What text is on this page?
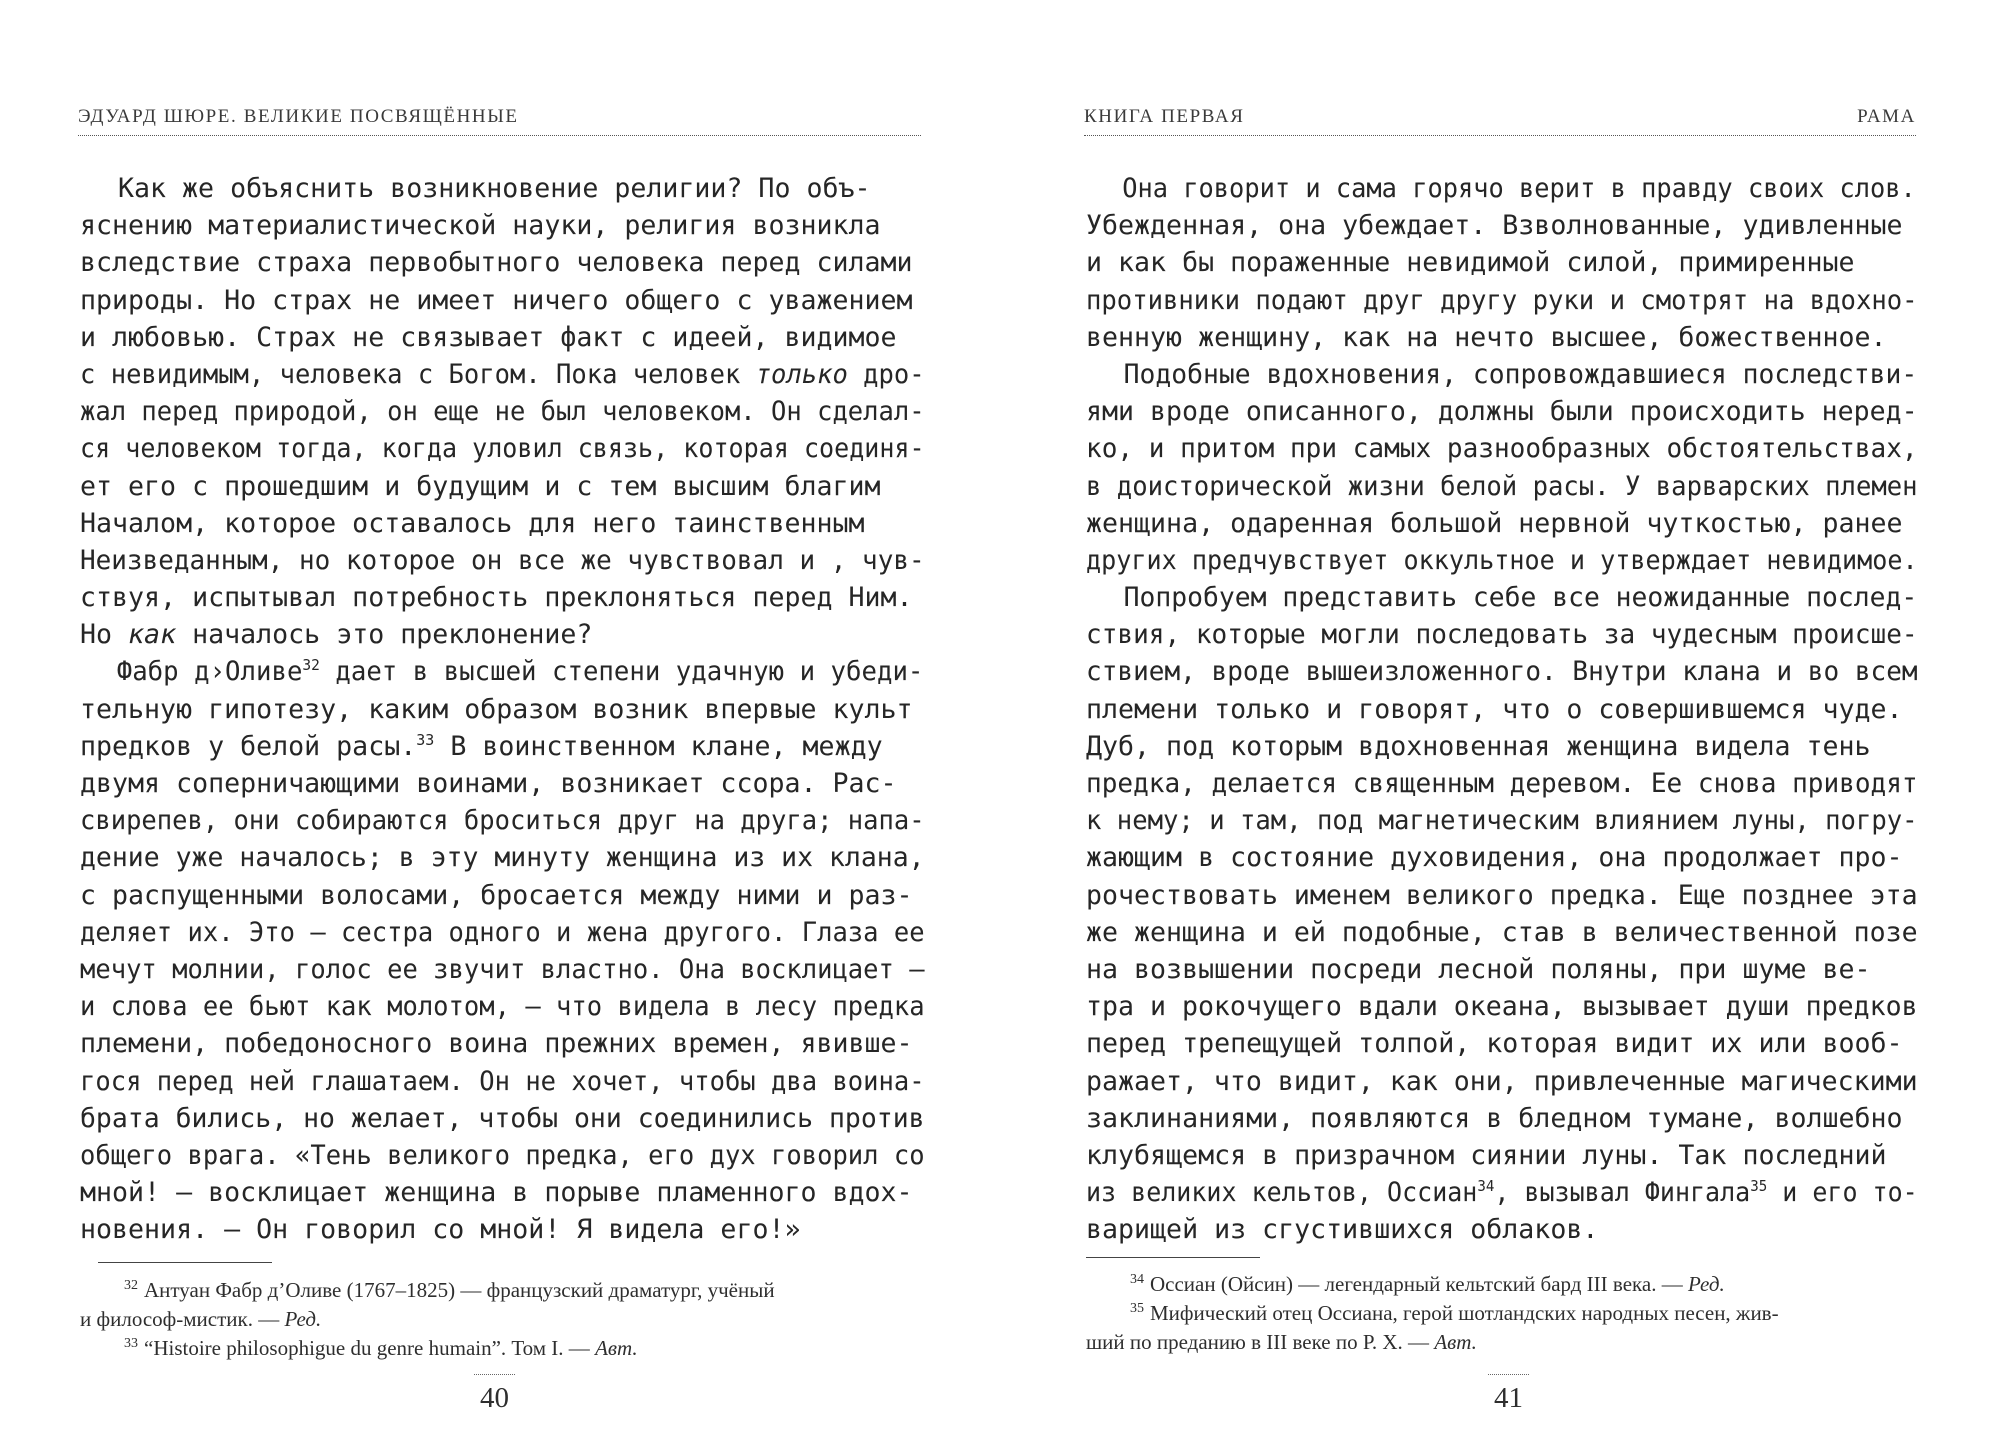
ЭДУАРД ШЮРЕ. ВЕЛИКИЕ ПОСВЯЩЁННЫЕ
Как же объяснить возникновение религии? По объ-
яснению материалистической науки, религия возникла
вследствие страха первобытного человека перед силами
природы. Но страх не имеет ничего общего с уважением
и любовью. Страх не связывает факт с идеей, видимое
с невидимым, человека с Богом. Пока человек только дро-
жал перед природой, он еще не был человеком. Он сделал-
ся человеком тогда, когда уловил связь, которая соединя-
ет его с прошедшим и будущим и с тем высшим благим
Началом, которое оставалось для него таинственным
Неизведанным, но которое он все же чувствовал и , чув-
ствуя, испытывал потребность преклоняться перед Ним.
Но как началось это преклонение?
Фабр д›Оливе$^{32}$ дает в высшей степени удачную и убеди-
тельную гипотезу, каким образом возник впервые культ
предков у белой расы.$^{33}$ В воинственном клане, между
двумя соперничающими воинами, возникает ссора. Рас-
свирепев, они собираются броситься друг на друга; напа-
дение уже началось; в эту минуту женщина из их клана,
с распущенными волосами, бросается между ними и раз-
деляет их. Это — сестра одного и жена другого. Глаза ее
мечут молнии, голос ее звучит властно. Она восклицает —
и слова ее бьют как молотом, — что видела в лесу предка
племени, победоносного воина прежних времен, явивше-
гося перед ней глашатаем. Он не хочет, чтобы два воина-
брата бились, но желает, чтобы они соединились против
общего врага. «Тень великого предка, его дух говорил со
мной! — восклицает женщина в порыве пламенного вдох-
новения. — Он говорил со мной! Я видела его!»
$^{32}$ Антуан Фабр д’Оливе (1767–1825) — французский драматург, учёный
и философ-мистик. — Ред.
$^{33}$ “Histoire philosophigue du genre humain”. Том I. — Авт.
40
КНИГА ПЕРВАЯ	РАМА
Она говорит и сама горячо верит в правду своих слов.
Убежденная, она убеждает. Взволнованные, удивленные
и как бы пораженные невидимой силой, примиренные
противники подают друг другу руки и смотрят на вдохно-
венную женщину, как на нечто высшее, божественное.
Подобные вдохновения, сопровождавшиеся последстви-
ями вроде описанного, должны были происходить неред-
ко, и притом при самых разнообразных обстоятельствах,
в доисторической жизни белой расы. У варварских племен
женщина, одаренная большой нервной чуткостью, ранее
других предчувствует оккультное и утверждает невидимое.
Попробуем представить себе все неожиданные послед-
ствия, которые могли последовать за чудесным происше-
ствием, вроде вышеизложенного. Внутри клана и во всем
племени только и говорят, что о совершившемся чуде.
Дуб, под которым вдохновенная женщина видела тень
предка, делается священным деревом. Ее снова приводят
к нему; и там, под магнетическим влиянием луны, погру-
жающим в состояние духовидения, она продолжает про-
рочествовать именем великого предка. Еще позднее эта
же женщина и ей подобные, став в величественной позе
на возвышении посреди лесной поляны, при шуме ве-
тра и рокочущего вдали океана, вызывает души предков
перед трепещущей толпой, которая видит их или вооб-
ражает, что видит, как они, привлеченные магическими
заклинаниями, появляются в бледном тумане, волшебно
клубящемся в призрачном сиянии луны. Так последний
из великих кельтов, Оссиан$^{34}$, вызывал Фингала$^{35}$ и его то-
варищей из сгустившихся облаков.
$^{34}$ Оссиан (Ойсин) — легендарный кельтский бард III века. — Ред.
$^{35}$ Мифический отец Оссиана, герой шотландских народных песен, жив-
ший по преданию в III веке по Р. Х. — Авт.
41
